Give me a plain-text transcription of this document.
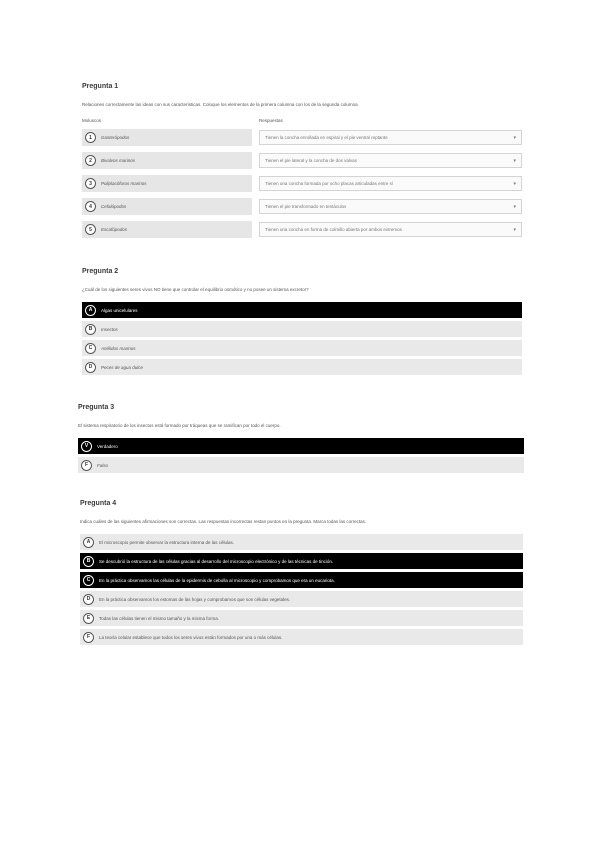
Pregunta 1
Relaciones correctamente las ideas con sus características. Coloque los elementos de la primera columna con los de la segunda columna.
Moluscos	Respuestas
1	Gasterópodos	Tienen la concha enrollada en espiral y el pie ventral reptante	▾
2	Bivalvos marinos	Tienen el pie lateral y la concha de dos valvas	▾
3	Poliplacóforos marinos	Tienen una concha formada por ocho placas articuladas entre sí	▾
4	Cefalópodos	Tienen el pie transformado en tentáculos	▾
5	Escafópodos	Tienen una concha en forma de colmillo abierta por ambos extremos	▾
Pregunta 2
¿Cuál de los siguientes seres vivos NO tiene que controlar el equilibrio osmótico y no posee un sistema excretor?
A	Algas unicelulares
B	Insectos
C	Anélidos marinos
D	Peces de agua dulce
Pregunta 3
El sistema respiratorio de los insectos está formado por tráqueas que se ramifican por todo el cuerpo.
V	Verdadero
F	Falso
Pregunta 4
Indica cuáles de las siguientes afirmaciones son correctas. Las respuestas incorrectas restan puntos en la pregunta. Marca todas las correctas.
A	El microscopio permite observar la estructura interna de las células.
B	Se descubrió la estructura de las células gracias al desarrollo del microscopio electrónico y de las técnicas de tinción.
C	En la práctica observamos las células de la epidermis de cebolla al microscopio y comprobamos que era un eucariota.
D	En la práctica observamos los estomas de las hojas y comprobamos que son células vegetales.
E	Todas las células tienen el mismo tamaño y la misma forma.
F	La teoría celular establece que todos los seres vivos están formados por una o más células.
